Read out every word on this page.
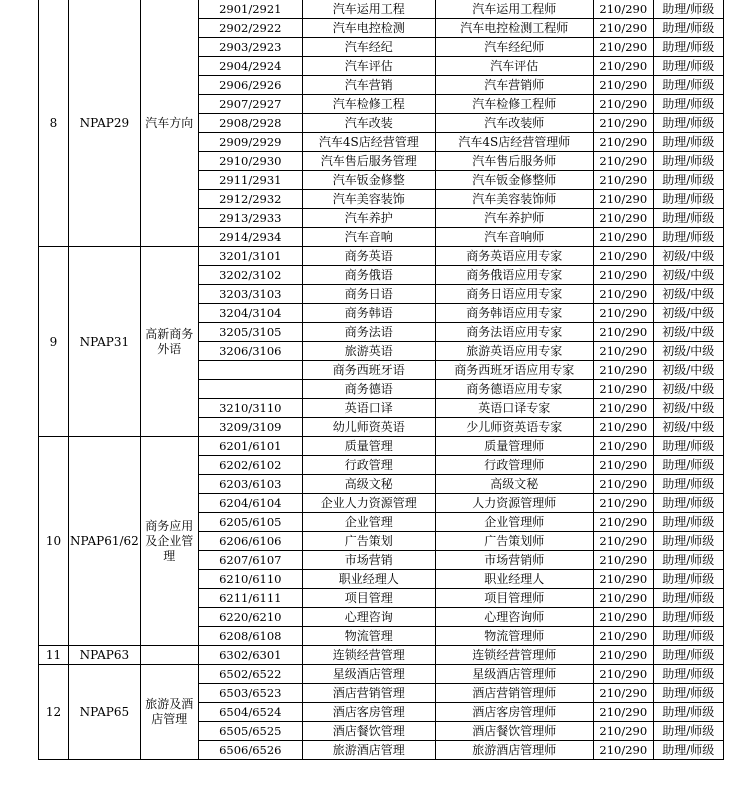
8	NPAP29	汽车方向	2901/2921	汽车运用工程	汽车运用工程师	210/290	助理/师级
			2902/2922	汽车电控检测	汽车电控检测工程师	210/290	助理/师级
			2903/2923	汽车经纪	汽车经纪师	210/290	助理/师级
			2904/2924	汽车评估	汽车评估	210/290	助理/师级
			2906/2926	汽车营销	汽车营销师	210/290	助理/师级
			2907/2927	汽车检修工程	汽车检修工程师	210/290	助理/师级
			2908/2928	汽车改装	汽车改装师	210/290	助理/师级
			2909/2929	汽车4S店经营管理	汽车4S店经营管理师	210/290	助理/师级
			2910/2930	汽车售后服务管理	汽车售后服务师	210/290	助理/师级
			2911/2931	汽车钣金修整	汽车钣金修整师	210/290	助理/师级
			2912/2932	汽车美容装饰	汽车美容装饰师	210/290	助理/师级
			2913/2933	汽车养护	汽车养护师	210/290	助理/师级
			2914/2934	汽车音响	汽车音响师	210/290	助理/师级
9	NPAP31	高新商务外语	3201/3101	商务英语	商务英语应用专家	210/290	初级/中级
			3202/3102	商务俄语	商务俄语应用专家	210/290	初级/中级
			3203/3103	商务日语	商务日语应用专家	210/290	初级/中级
			3204/3104	商务韩语	商务韩语应用专家	210/290	初级/中级
			3205/3105	商务法语	商务法语应用专家	210/290	初级/中级
			3206/3106	旅游英语	旅游英语应用专家	210/290	初级/中级
				商务西班牙语	商务西班牙语应用专家	210/290	初级/中级
				商务德语	商务德语应用专家	210/290	初级/中级
			3210/3110	英语口译	英语口译专家	210/290	初级/中级
			3209/3109	幼儿师资英语	少儿师资英语专家	210/290	初级/中级
10	NPAP61/62	商务应用及企业管理	6201/6101	质量管理	质量管理师	210/290	助理/师级
			6202/6102	行政管理	行政管理师	210/290	助理/师级
			6203/6103	高级文秘	高级文秘	210/290	助理/师级
			6204/6104	企业人力资源管理	人力资源管理师	210/290	助理/师级
			6205/6105	企业管理	企业管理师	210/290	助理/师级
			6206/6106	广告策划	广告策划师	210/290	助理/师级
			6207/6107	市场营销	市场营销师	210/290	助理/师级
			6210/6110	职业经理人	职业经理人	210/290	助理/师级
			6211/6111	项目管理	项目管理师	210/290	助理/师级
			6220/6210	心理咨询	心理咨询师	210/290	助理/师级
			6208/6108	物流管理	物流管理师	210/290	助理/师级
11	NPAP63		6302/6301	连锁经营管理	连锁经营管理师	210/290	助理/师级
12	NPAP65	旅游及酒店管理	6502/6522	星级酒店管理	星级酒店管理师	210/290	助理/师级
			6503/6523	酒店营销管理	酒店营销管理师	210/290	助理/师级
			6504/6524	酒店客房管理	酒店客房管理师	210/290	助理/师级
			6505/6525	酒店餐饮管理	酒店餐饮管理师	210/290	助理/师级
			6506/6526	旅游酒店管理	旅游酒店管理师	210/290	助理/师级
